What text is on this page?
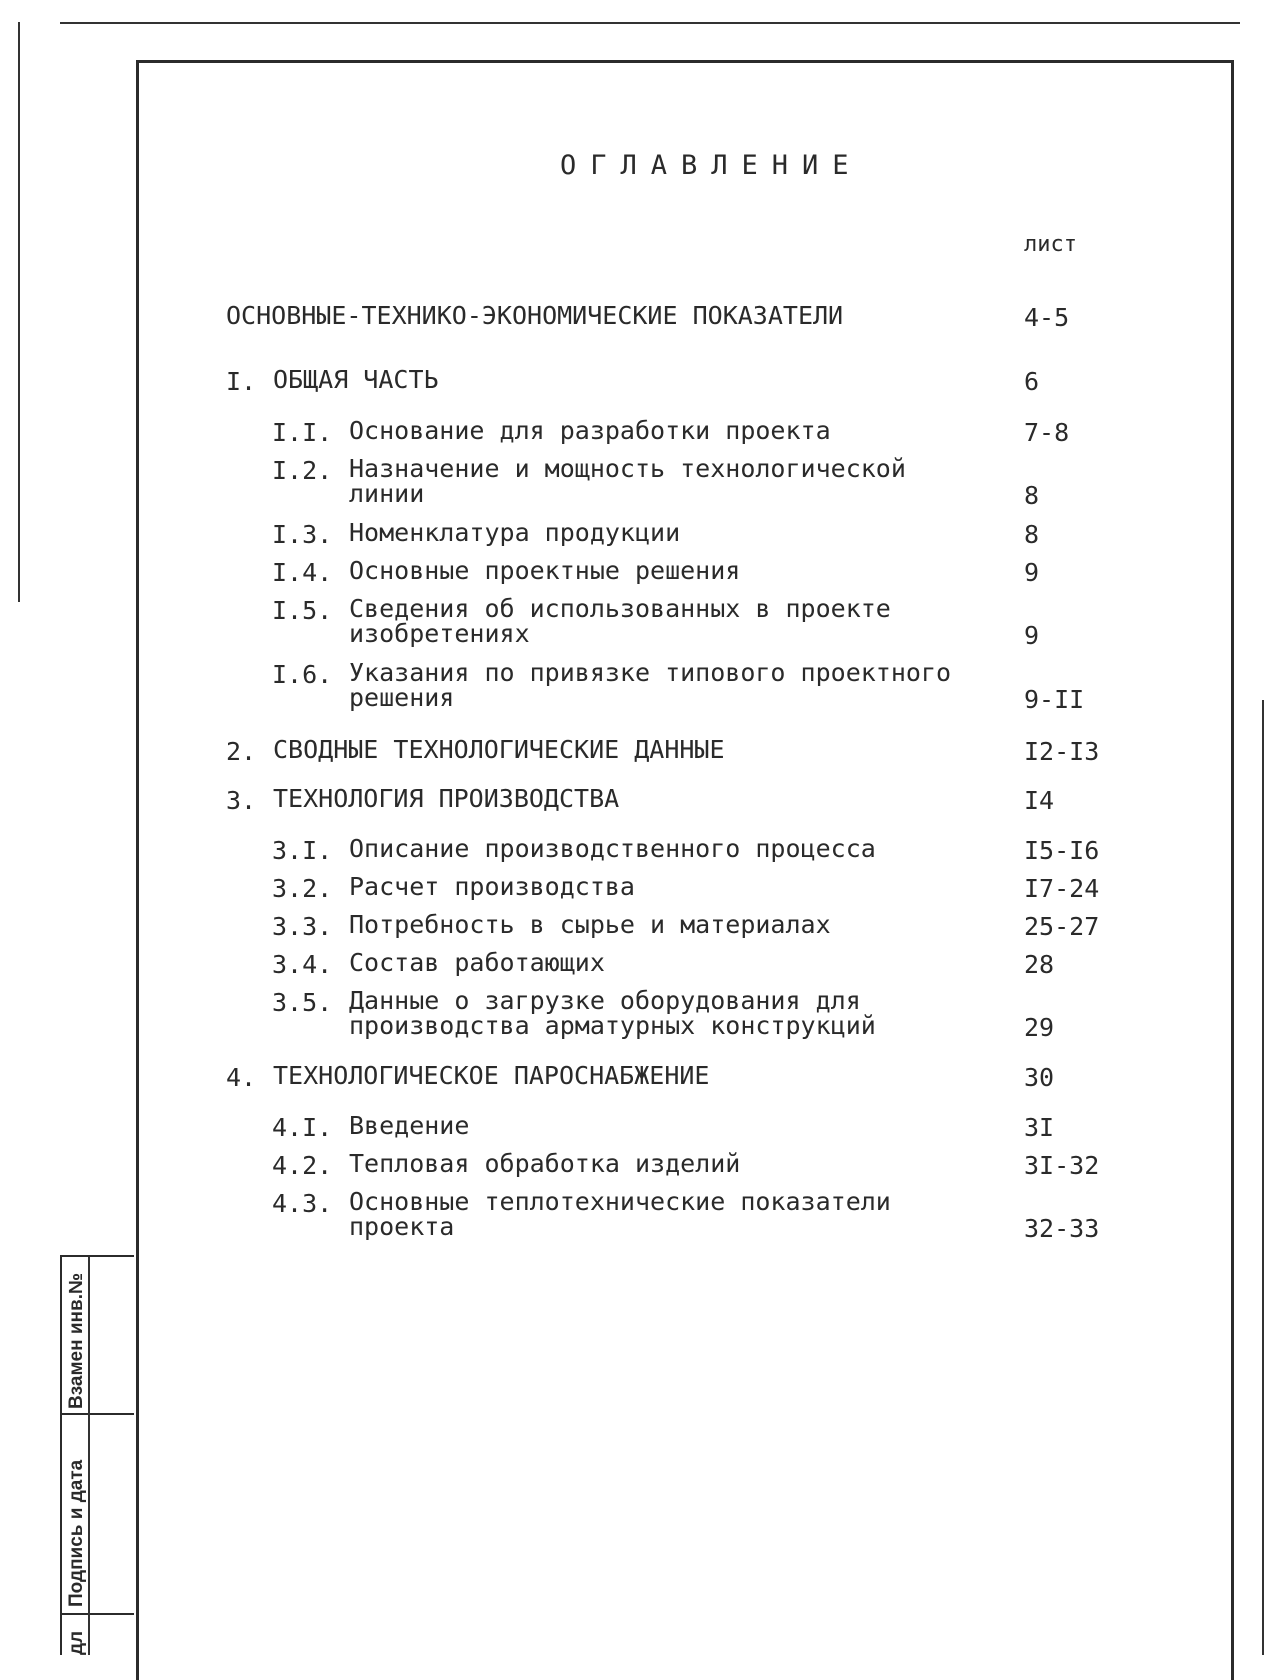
ОГЛАВЛЕНИЕ
лист
ОСНОВНЫЕ-ТЕХНИКО-ЭКОНОМИЧЕСКИЕ ПОКАЗАТЕЛИ	4-5
I. ОБЩАЯ ЧАСТЬ	6
I.I. Основание для разработки проекта	7-8
I.2. Назначение и мощность технологической
линии	8
I.3. Номенклатура продукции	8
I.4. Основные проектные решения	9
I.5. Сведения об использованных в проекте
изобретениях	9
I.6. Указания по привязке типового проектного
решения	9-II
2. СВОДНЫЕ ТЕХНОЛОГИЧЕСКИЕ ДАННЫЕ	I2-I3
3. ТЕХНОЛОГИЯ ПРОИЗВОДСТВА	I4
3.I. Описание производственного процесса	I5-I6
3.2. Расчет производства	I7-24
3.3. Потребность в сырье и материалах	25-27
3.4. Состав работающих	28
3.5. Данные о загрузке оборудования для
производства арматурных конструкций	29
4. ТЕХНОЛОГИЧЕСКОЕ ПАРОСНАБЖЕНИЕ	30
4.I. Введение	3I
4.2. Тепловая обработка изделий	3I-32
4.3. Основные теплотехнические показатели
проекта	32-33
Взамен инв.№
Подпись и дата
дл
